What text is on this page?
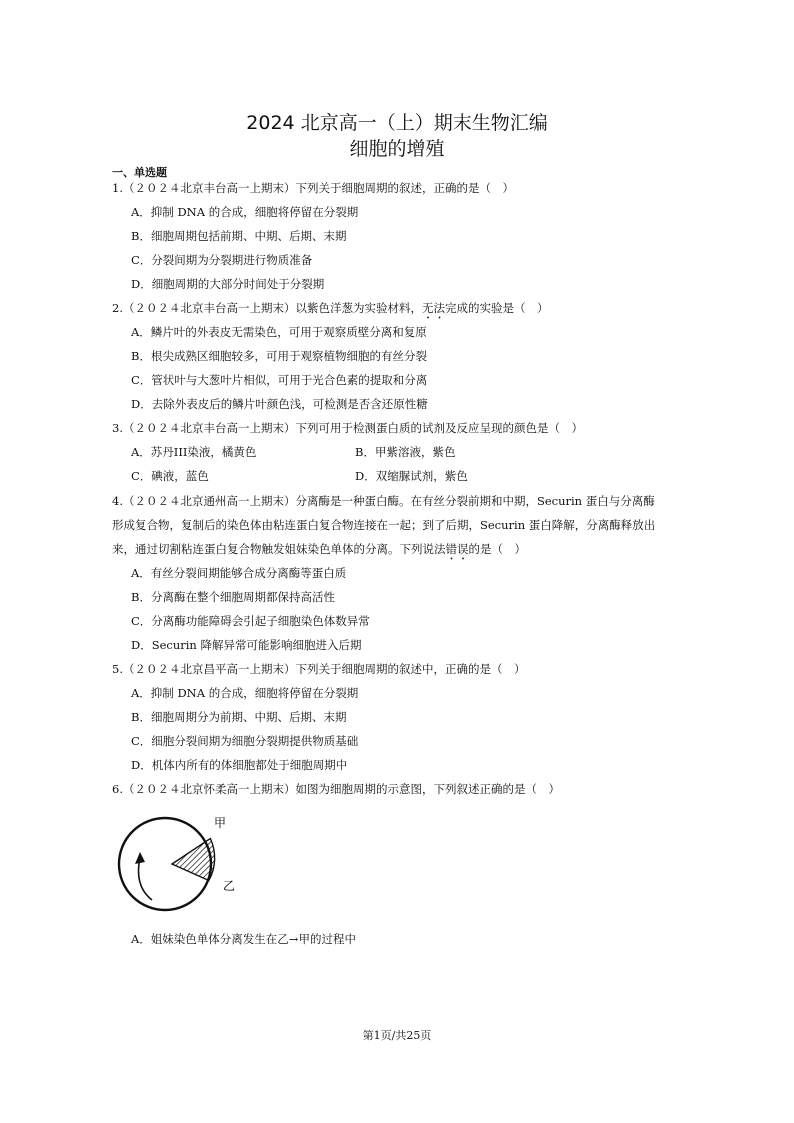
2024 北京高一（上）期末生物汇编
细胞的增殖
一、单选题
1.（２０２４北京丰台高一上期末）下列关于细胞周期的叙述，正确的是（　）
A．抑制 DNA 的合成，细胞将停留在分裂期
B．细胞周期包括前期、中期、后期、末期
C．分裂间期为分裂期进行物质准备
D．细胞周期的大部分时间处于分裂期
2.（２０２４北京丰台高一上期末）以紫色洋葱为实验材料，无法完成的实验是（　）
A．鳞片叶的外表皮无需染色，可用于观察质壁分离和复原
B．根尖成熟区细胞较多，可用于观察植物细胞的有丝分裂
C．管状叶与大葱叶片相似，可用于光合色素的提取和分离
D．去除外表皮后的鳞片叶颜色浅，可检测是否含还原性糖
3.（２０２４北京丰台高一上期末）下列可用于检测蛋白质的试剂及反应呈现的颜色是（　）
A．苏丹III染液，橘黄色	B．甲紫溶液，紫色
C．碘液，蓝色	D．双缩脲试剂，紫色
4.（２０２４北京通州高一上期末）分离酶是一种蛋白酶。在有丝分裂前期和中期，Securin 蛋白与分离酶
形成复合物，复制后的染色体由粘连蛋白复合物连接在一起；到了后期，Securin 蛋白降解，分离酶释放出
来，通过切割粘连蛋白复合物触发姐妹染色单体的分离。下列说法错误的是（　）
A．有丝分裂间期能够合成分离酶等蛋白质
B．分离酶在整个细胞周期都保持高活性
C．分离酶功能障碍会引起子细胞染色体数异常
D．Securin 降解异常可能影响细胞进入后期
5.（２０２４北京昌平高一上期末）下列关于细胞周期的叙述中，正确的是（　）
A．抑制 DNA 的合成，细胞将停留在分裂期
B．细胞周期分为前期、中期、后期、末期
C．细胞分裂间期为细胞分裂期提供物质基础
D．机体内所有的体细胞都处于细胞周期中
6.（２０２４北京怀柔高一上期末）如图为细胞周期的示意图，下列叙述正确的是（　）
甲
乙
A．姐妹染色单体分离发生在乙→甲的过程中
第1页/共25页
